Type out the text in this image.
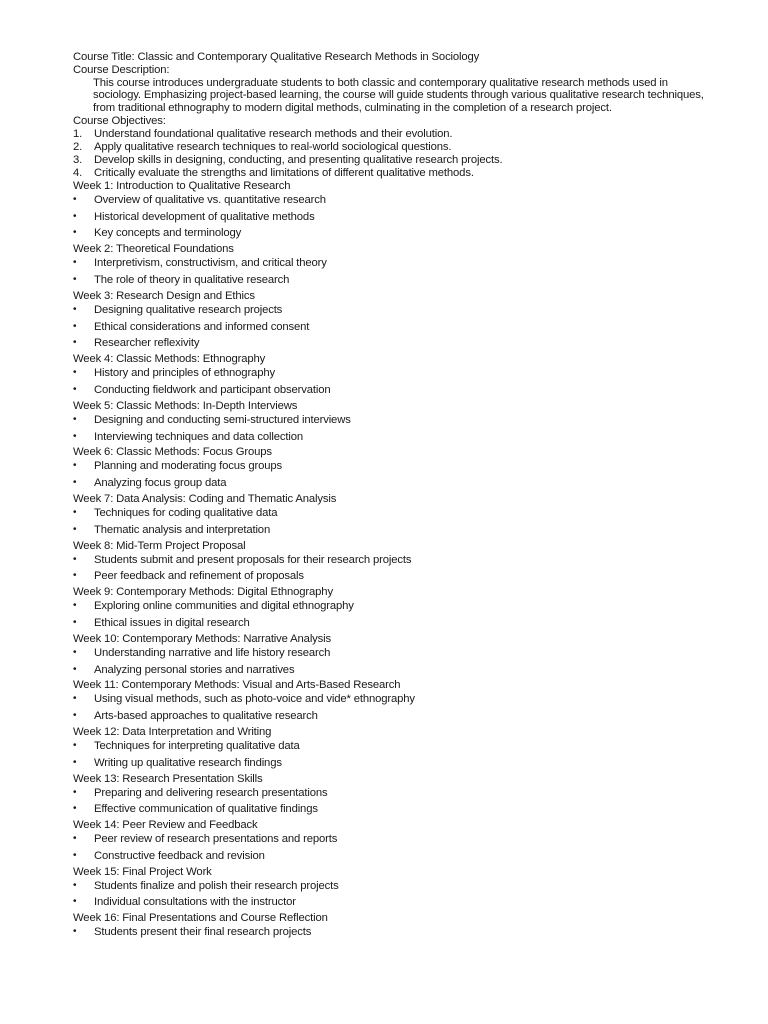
Course Title: Classic and Contemporary Qualitative Research Methods in Sociology
Course Description:
This course introduces undergraduate students to both classic and contemporary qualitative research methods used in
sociology. Emphasizing project-based learning, the course will guide students through various qualitative research techniques,
from traditional ethnography to modern digital methods, culminating in the completion of a research project.
Course Objectives:
1. Understand foundational qualitative research methods and their evolution.
2. Apply qualitative research techniques to real-world sociological questions.
3. Develop skills in designing, conducting, and presenting qualitative research projects.
4. Critically evaluate the strengths and limitations of different qualitative methods.
Week 1: Introduction to Qualitative Research
• Overview of qualitative vs. quantitative research
• Historical development of qualitative methods
• Key concepts and terminology
Week 2: Theoretical Foundations
• Interpretivism, constructivism, and critical theory
• The role of theory in qualitative research
Week 3: Research Design and Ethics
• Designing qualitative research projects
• Ethical considerations and informed consent
• Researcher reflexivity
Week 4: Classic Methods: Ethnography
• History and principles of ethnography
• Conducting fieldwork and participant observation
Week 5: Classic Methods: In-Depth Interviews
• Designing and conducting semi-structured interviews
• Interviewing techniques and data collection
Week 6: Classic Methods: Focus Groups
• Planning and moderating focus groups
• Analyzing focus group data
Week 7: Data Analysis: Coding and Thematic Analysis
• Techniques for coding qualitative data
• Thematic analysis and interpretation
Week 8: Mid-Term Project Proposal
• Students submit and present proposals for their research projects
• Peer feedback and refinement of proposals
Week 9: Contemporary Methods: Digital Ethnography
• Exploring online communities and digital ethnography
• Ethical issues in digital research
Week 10: Contemporary Methods: Narrative Analysis
• Understanding narrative and life history research
• Analyzing personal stories and narratives
Week 11: Contemporary Methods: Visual and Arts-Based Research
• Using visual methods, such as photo-voice and vide* ethnography
• Arts-based approaches to qualitative research
Week 12: Data Interpretation and Writing
• Techniques for interpreting qualitative data
• Writing up qualitative research findings
Week 13: Research Presentation Skills
• Preparing and delivering research presentations
• Effective communication of qualitative findings
Week 14: Peer Review and Feedback
• Peer review of research presentations and reports
• Constructive feedback and revision
Week 15: Final Project Work
• Students finalize and polish their research projects
• Individual consultations with the instructor
Week 16: Final Presentations and Course Reflection
• Students present their final research projects
